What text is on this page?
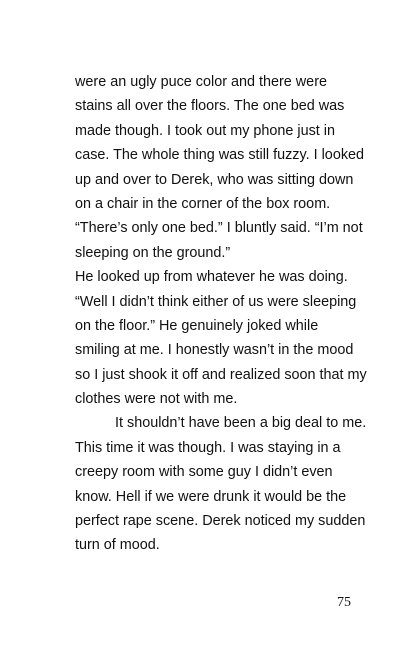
were an ugly puce color and there were
stains all over the floors. The one bed was
made though. I took out my phone just in
case. The whole thing was still fuzzy. I looked
up and over to Derek, who was sitting down
on a chair in the corner of the box room.
“There’s only one bed.” I bluntly said. “I’m not
sleeping on the ground.”
He looked up from whatever he was doing.
“Well I didn’t think either of us were sleeping
on the floor.” He genuinely joked while
smiling at me. I honestly wasn’t in the mood
so I just shook it off and realized soon that my
clothes were not with me.
It shouldn’t have been a big deal to me.
This time it was though. I was staying in a
creepy room with some guy I didn’t even
know. Hell if we were drunk it would be the
perfect rape scene. Derek noticed my sudden
turn of mood.
75
